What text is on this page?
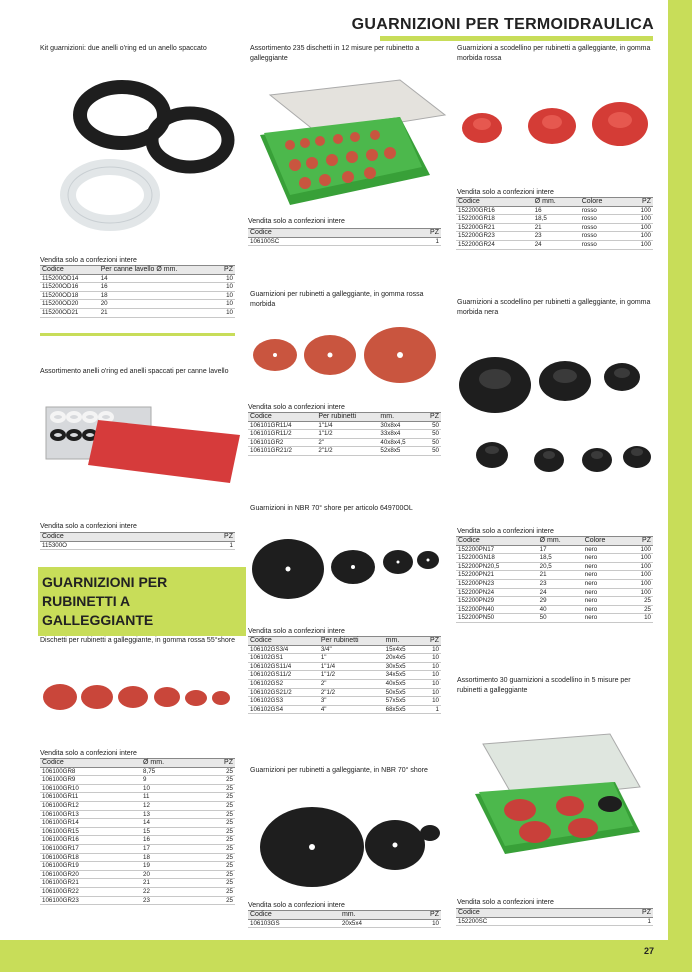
GUARNIZIONI PER TERMOIDRAULICA
27
Kit guarnizioni: due anelli o'ring ed un anello spaccato
Vendita solo a confezioni intere
Codice	Per canne lavello Ø mm.	PZ
115200OD14	14	10
115200OD16	16	10
115200OD18	18	10
115200OD20	20	10
115200OD21	21	10
Assortimento anelli o'ring ed anelli spaccati per canne lavello
Vendita solo a confezioni intere
Codice	PZ
115300O	1
GUARNIZIONI PER RUBINETTI A GALLEGGIANTE
Dischetti per rubinetti a galleggiante, in gomma rossa 55°shore
Vendita solo a confezioni intere
Codice	Ø mm.	PZ
106100GR8	8,75	25
106100GR9	9	25
106100GR10	10	25
106100GR11	11	25
106100GR12	12	25
106100GR13	13	25
106100GR14	14	25
106100GR15	15	25
106100GR16	16	25
106100GR17	17	25
106100GR18	18	25
106100GR19	19	25
106100GR20	20	25
106100GR21	21	25
106100GR22	22	25
106100GR23	23	25
Assortimento 235 dischetti in 12 misure per rubinetto a galleggiante
Vendita solo a confezioni intere
Codice	PZ
106100SC	1
Guarnizioni per rubinetti a galleggiante, in gomma rossa morbida
Vendita solo a confezioni intere
Codice	Per rubinetti	mm.	PZ
106101GR11/4	1"1/4	30x8x4	50
106101GR11/2	1"1/2	33x8x4	50
106101GR2	2"	40x8x4,5	50
106101GR21/2	2"1/2	52x8x5	50
Guarnizioni in NBR 70° shore per articolo 649700OL
Vendita solo a confezioni intere
Codice	Per rubinetti	mm.	PZ
106102GS3/4	3/4"	15x4x5	10
106102GS1	1"	20x4x5	10
106102GS11/4	1"1/4	30x5x5	10
106102GS11/2	1"1/2	34x5x5	10
106102GS2	2"	40x5x5	10
106102GS21/2	2"1/2	50x5x5	10
106102GS3	3"	57x5x5	10
106102GS4	4"	68x5x5	1
Guarnizioni per rubinetti a galleggiante, in NBR 70° shore
Vendita solo a confezioni intere
Codice	mm.	PZ
106103GS	20x5x4	10
Guarnizioni a scodellino per rubinetti a galleggiante, in gomma morbida rossa
Vendita solo a confezioni intere
Codice	Ø mm.	Colore	PZ
152200GR16	16	rosso	100
152200GR18	18,5	rosso	100
152200GR21	21	rosso	100
152200GR23	23	rosso	100
152200GR24	24	rosso	100
Guarnizioni a scodellino per rubinetti a galleggiante, in gomma morbida nera
Vendita solo a confezioni intere
Codice	Ø mm.	Colore	PZ
152200PN17	17	nero	100
152200GN18	18,5	nero	100
152200PN20,5	20,5	nero	100
152200PN21	21	nero	100
152200PN23	23	nero	100
152200PN24	24	nero	100
152200PN29	29	nero	25
152200PN40	40	nero	25
152200PN50	50	nero	10
Assortimento 30 guarnizioni a scodellino in 5 misure per rubinetti a galleggiante
Vendita solo a confezioni intere
Codice	PZ
152200SC	1
